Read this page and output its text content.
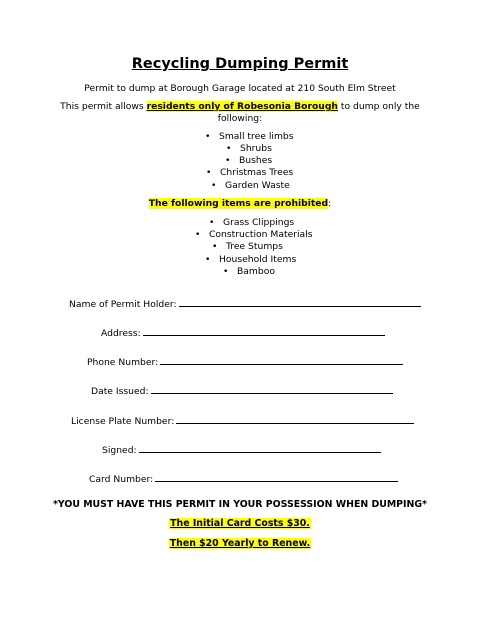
Recycling Dumping Permit
Permit to dump at Borough Garage located at 210 South Elm Street
This permit allows residents only of Robesonia Borough to dump only the
following:
• Small tree limbs
• Shrubs
• Bushes
• Christmas Trees
• Garden Waste
The following items are prohibited:
• Grass Clippings
• Construction Materials
• Tree Stumps
• Household Items
• Bamboo
Name of Permit Holder:
Address:
Phone Number:
Date Issued:
License Plate Number:
Signed:
Card Number:
*YOU MUST HAVE THIS PERMIT IN YOUR POSSESSION WHEN DUMPING*
The Initial Card Costs $30.
Then $20 Yearly to Renew.
